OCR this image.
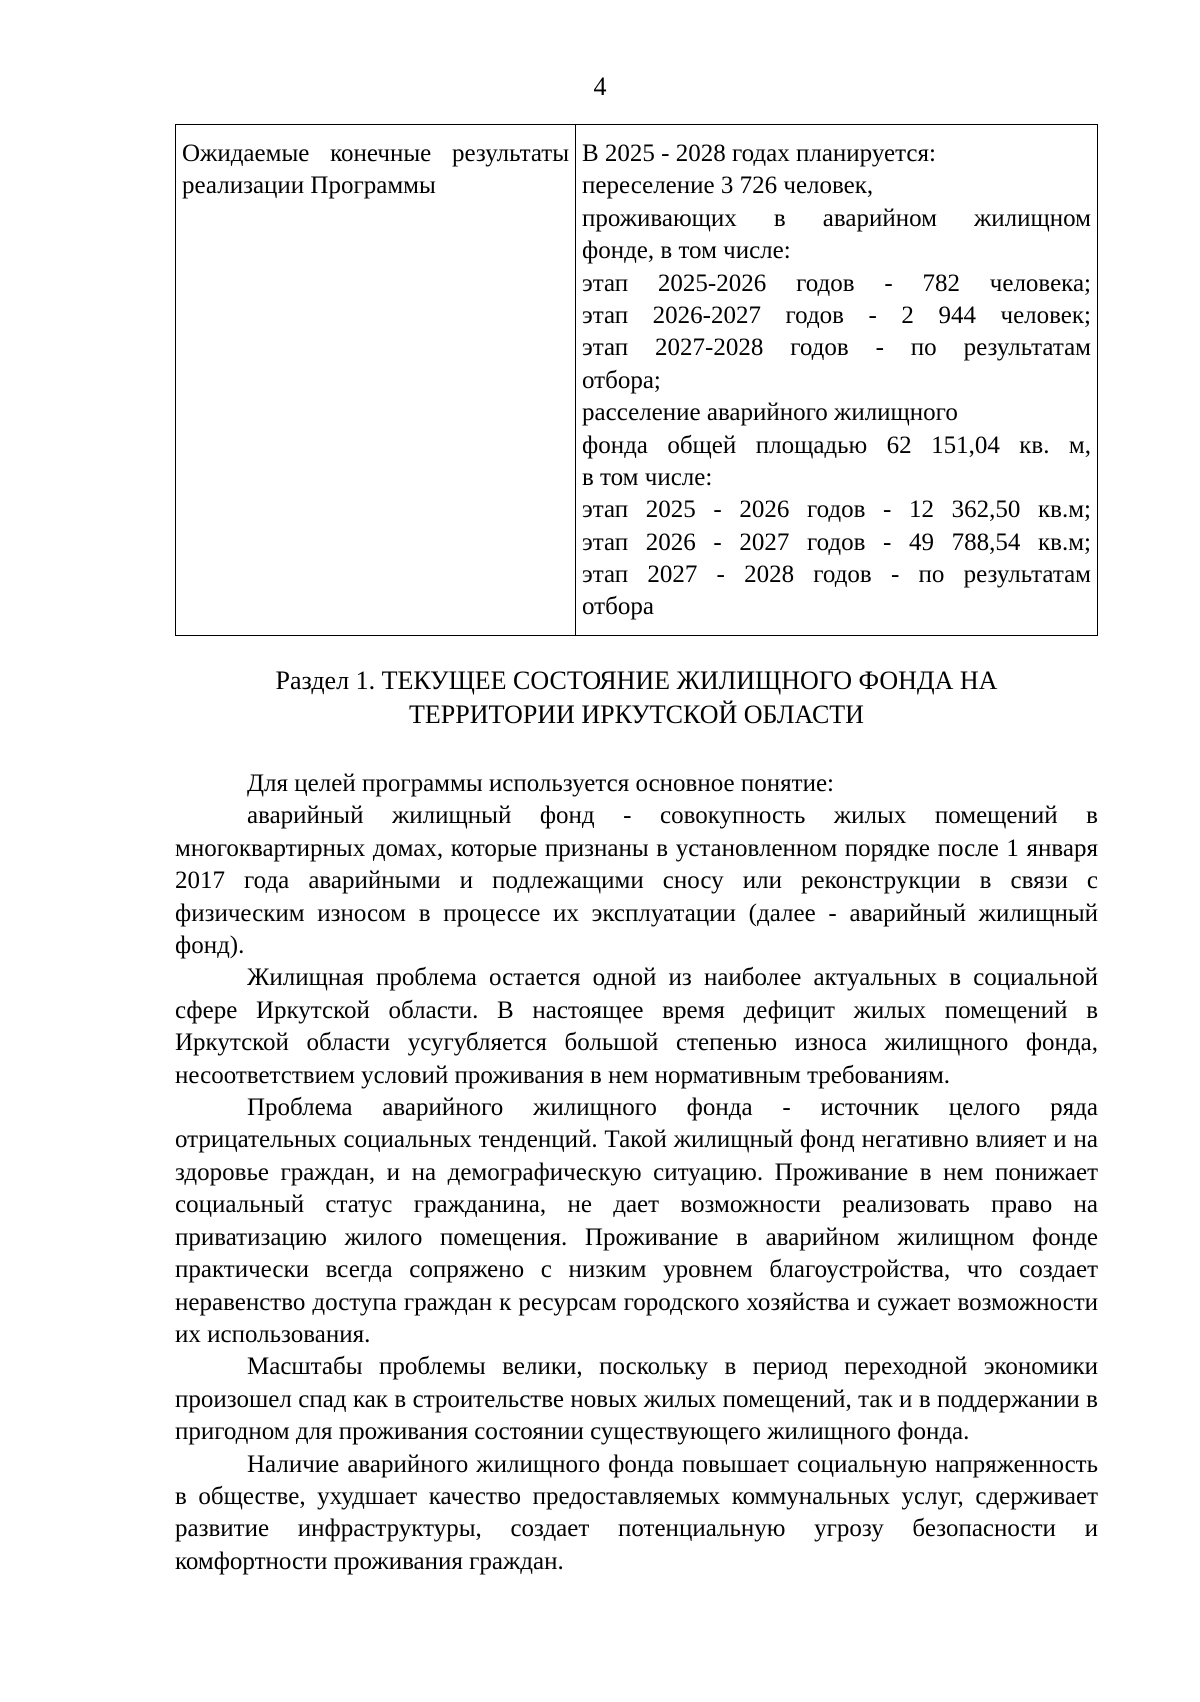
4
Ожидаемые конечные результаты реализации Программы
В 2025 - 2028 годах планируется:
переселение 3 726 человек,
проживающих в аварийном жилищном
фонде, в том числе:
этап 2025-2026 годов - 782 человека;
этап 2026-2027 годов - 2 944 человек;
этап 2027-2028 годов - по результатам
отбора;
расселение аварийного жилищного
фонда общей площадью 62 151,04 кв. м,
в том числе:
этап 2025 - 2026 годов - 12 362,50 кв.м;
этап 2026 - 2027 годов - 49 788,54 кв.м;
этап 2027 - 2028 годов - по результатам
отбора
Раздел 1. ТЕКУЩЕЕ СОСТОЯНИЕ ЖИЛИЩНОГО ФОНДА НА
ТЕРРИТОРИИ ИРКУТСКОЙ ОБЛАСТИ

Для целей программы используется основное понятие:

аварийный жилищный фонд - совокупность жилых помещений в многоквартирных домах, которые признаны в установленном порядке после 1 января 2017 года аварийными и подлежащими сносу или реконструкции в связи с физическим износом в процессе их эксплуатации (далее - аварийный жилищный фонд).

Жилищная проблема остается одной из наиболее актуальных в социальной сфере Иркутской области. В настоящее время дефицит жилых помещений в Иркутской области усугубляется большой степенью износа жилищного фонда, несоответствием условий проживания в нем нормативным требованиям.

Проблема аварийного жилищного фонда - источник целого ряда отрицательных социальных тенденций. Такой жилищный фонд негативно влияет и на здоровье граждан, и на демографическую ситуацию. Проживание в нем понижает социальный статус гражданина, не дает возможности реализовать право на приватизацию жилого помещения. Проживание в аварийном жилищном фонде практически всегда сопряжено с низким уровнем благоустройства, что создает неравенство доступа граждан к ресурсам городского хозяйства и сужает возможности их использования.

Масштабы проблемы велики, поскольку в период переходной экономики произошел спад как в строительстве новых жилых помещений, так и в поддержании в пригодном для проживания состоянии существующего жилищного фонда.

Наличие аварийного жилищного фонда повышает социальную напряженность в обществе, ухудшает качество предоставляемых коммунальных услуг, сдерживает развитие инфраструктуры, создает потенциальную угрозу безопасности и комфортности проживания граждан.
